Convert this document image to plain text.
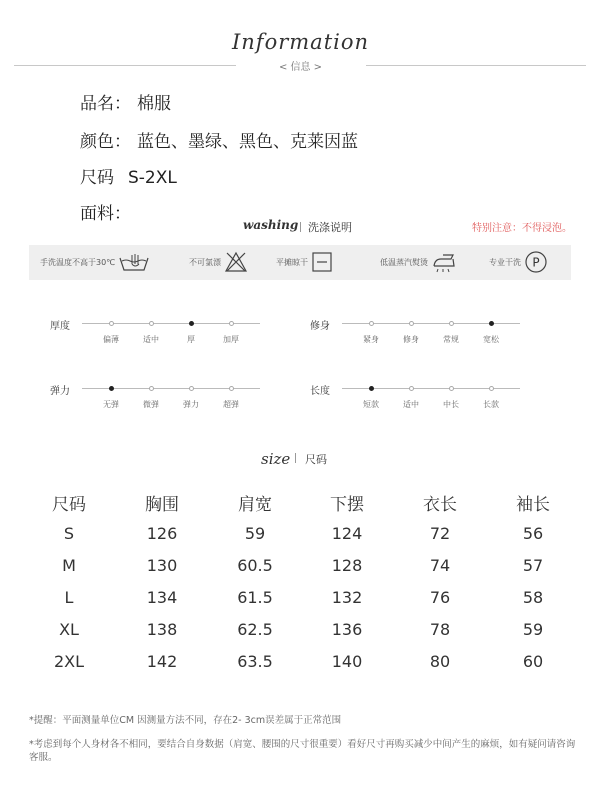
Information
< 信息 >
品名： 棉服
颜色： 蓝色、墨绿、黑色、克莱因蓝
尺码 S-2XL
面料：
washing 洗涤说明	特别注意：不得浸泡。
手洗温度不高于30℃	不可氯漂	平摊晾干	低温蒸汽熨烫	专业干洗 P
厚度
偏薄	适中	厚	加厚
修身
紧身	修身	常规	宽松
弹力
无弹	微弹	弹力	超弹
长度
短款	适中	中长	长款
size 尺码
尺码	胸围	肩宽	下摆	衣长	袖长
S	126	59	124	72	56
M	130	60.5	128	74	57
L	134	61.5	132	76	58
XL	138	62.5	136	78	59
2XL	142	63.5	140	80	60
*提醒：平面测量单位CM 因测量方法不同，存在2- 3cm误差属于正常范围
*考虑到每个人身材各不相同，要结合自身数据（肩宽、腰围的尺寸很重要）看好尺寸再购买减少中间产生的麻烦，如有疑问请咨询客服。
